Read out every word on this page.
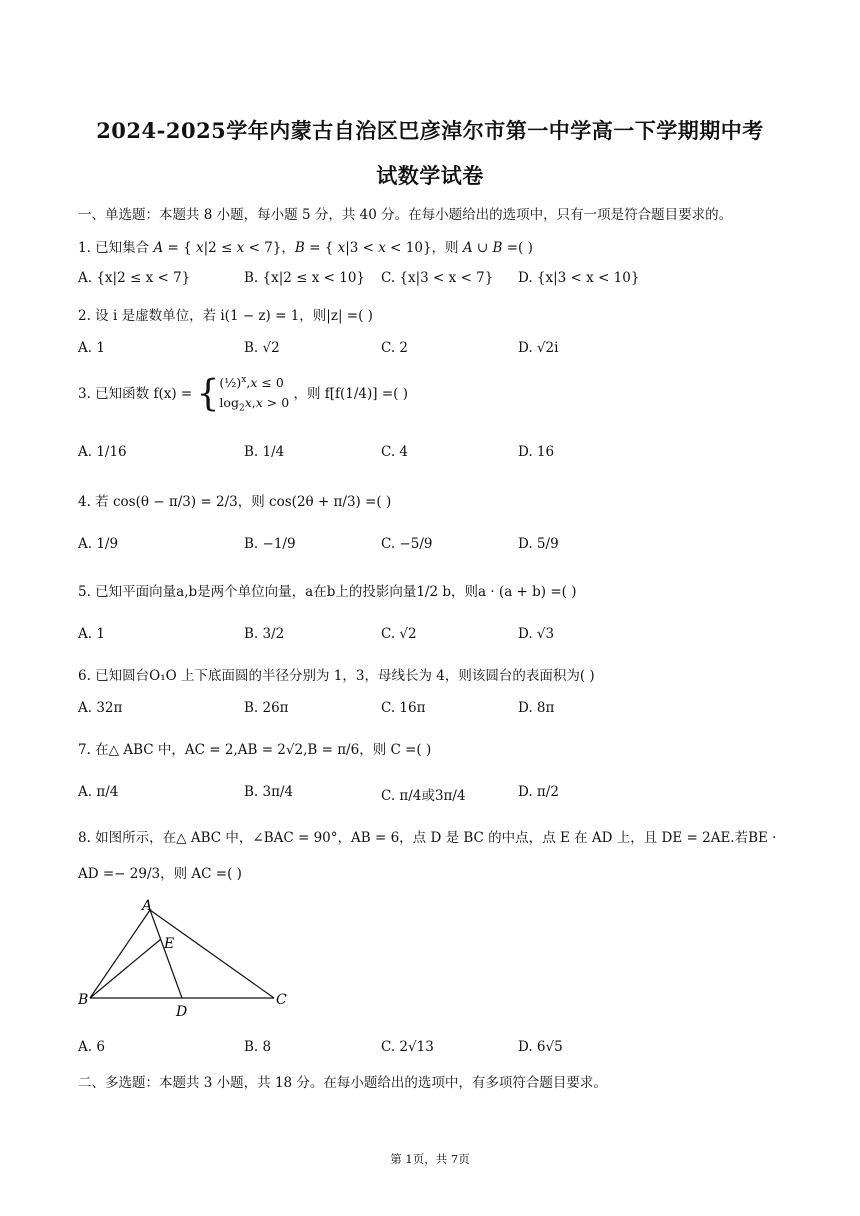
2024-2025学年内蒙古自治区巴彦淖尔市第一中学高一下学期期中考
试数学试卷
一、单选题：本题共 8 小题，每小题 5 分，共 40 分。在每小题给出的选项中，只有一项是符合题目要求的。
1. 已知集合 A = { x|2 ≤ x < 7}，B = { x|3 < x < 10}，则 A ∪ B =( )
A. {x|2 ≤ x < 7}	B. {x|2 ≤ x < 10} C. {x|3 < x < 7} D. {x|3 < x < 10}
2. 设 i 是虚数单位，若 i(1 − z) = 1，则|z| =( )
A. 1	B. √2	C. 2	D. √2i
3. 已知函数 f(x) = {(½)$^x$,x ≤ 0
$\log_2x,x > 0$ ，则 f[f(1/4)] =( )
A. 1/16	B. 1/4	C. 4	D. 16
4. 若 cos(θ − π/3) = 2/3，则 cos(2θ + π/3) =( )
A. 1/9	B. −1/9	C. −5/9	D. 5/9
5. 已知平面向量a,b是两个单位向量，a在b上的投影向量1/2 b，则a · (a + b) =( )
A. 1	B. 3/2	C. √2	D. √3
6. 已知圆台O₁O 上下底面圆的半径分别为 1，3，母线长为 4，则该圆台的表面积为( )
A. 32π	B. 26π	C. 16π	D. 8π
7. 在△ ABC 中，AC = 2,AB = 2√2,B = π/6，则 C =( )
A. π/4	B. 3π/4	C. π/4或3π/4	D. π/2
8. 如图所示，在△ ABC 中，∠BAC = 90°，AB = 6，点 D 是 BC 的中点，点 E 在 AD 上，且 DE = 2AE.若BE ·
AD =− 29/3，则 AC =( )
A
E
B
D
C
A. 6	B. 8	C. 2√13	D. 6√5
二、多选题：本题共 3 小题，共 18 分。在每小题给出的选项中，有多项符合题目要求。
第 1页，共 7页
